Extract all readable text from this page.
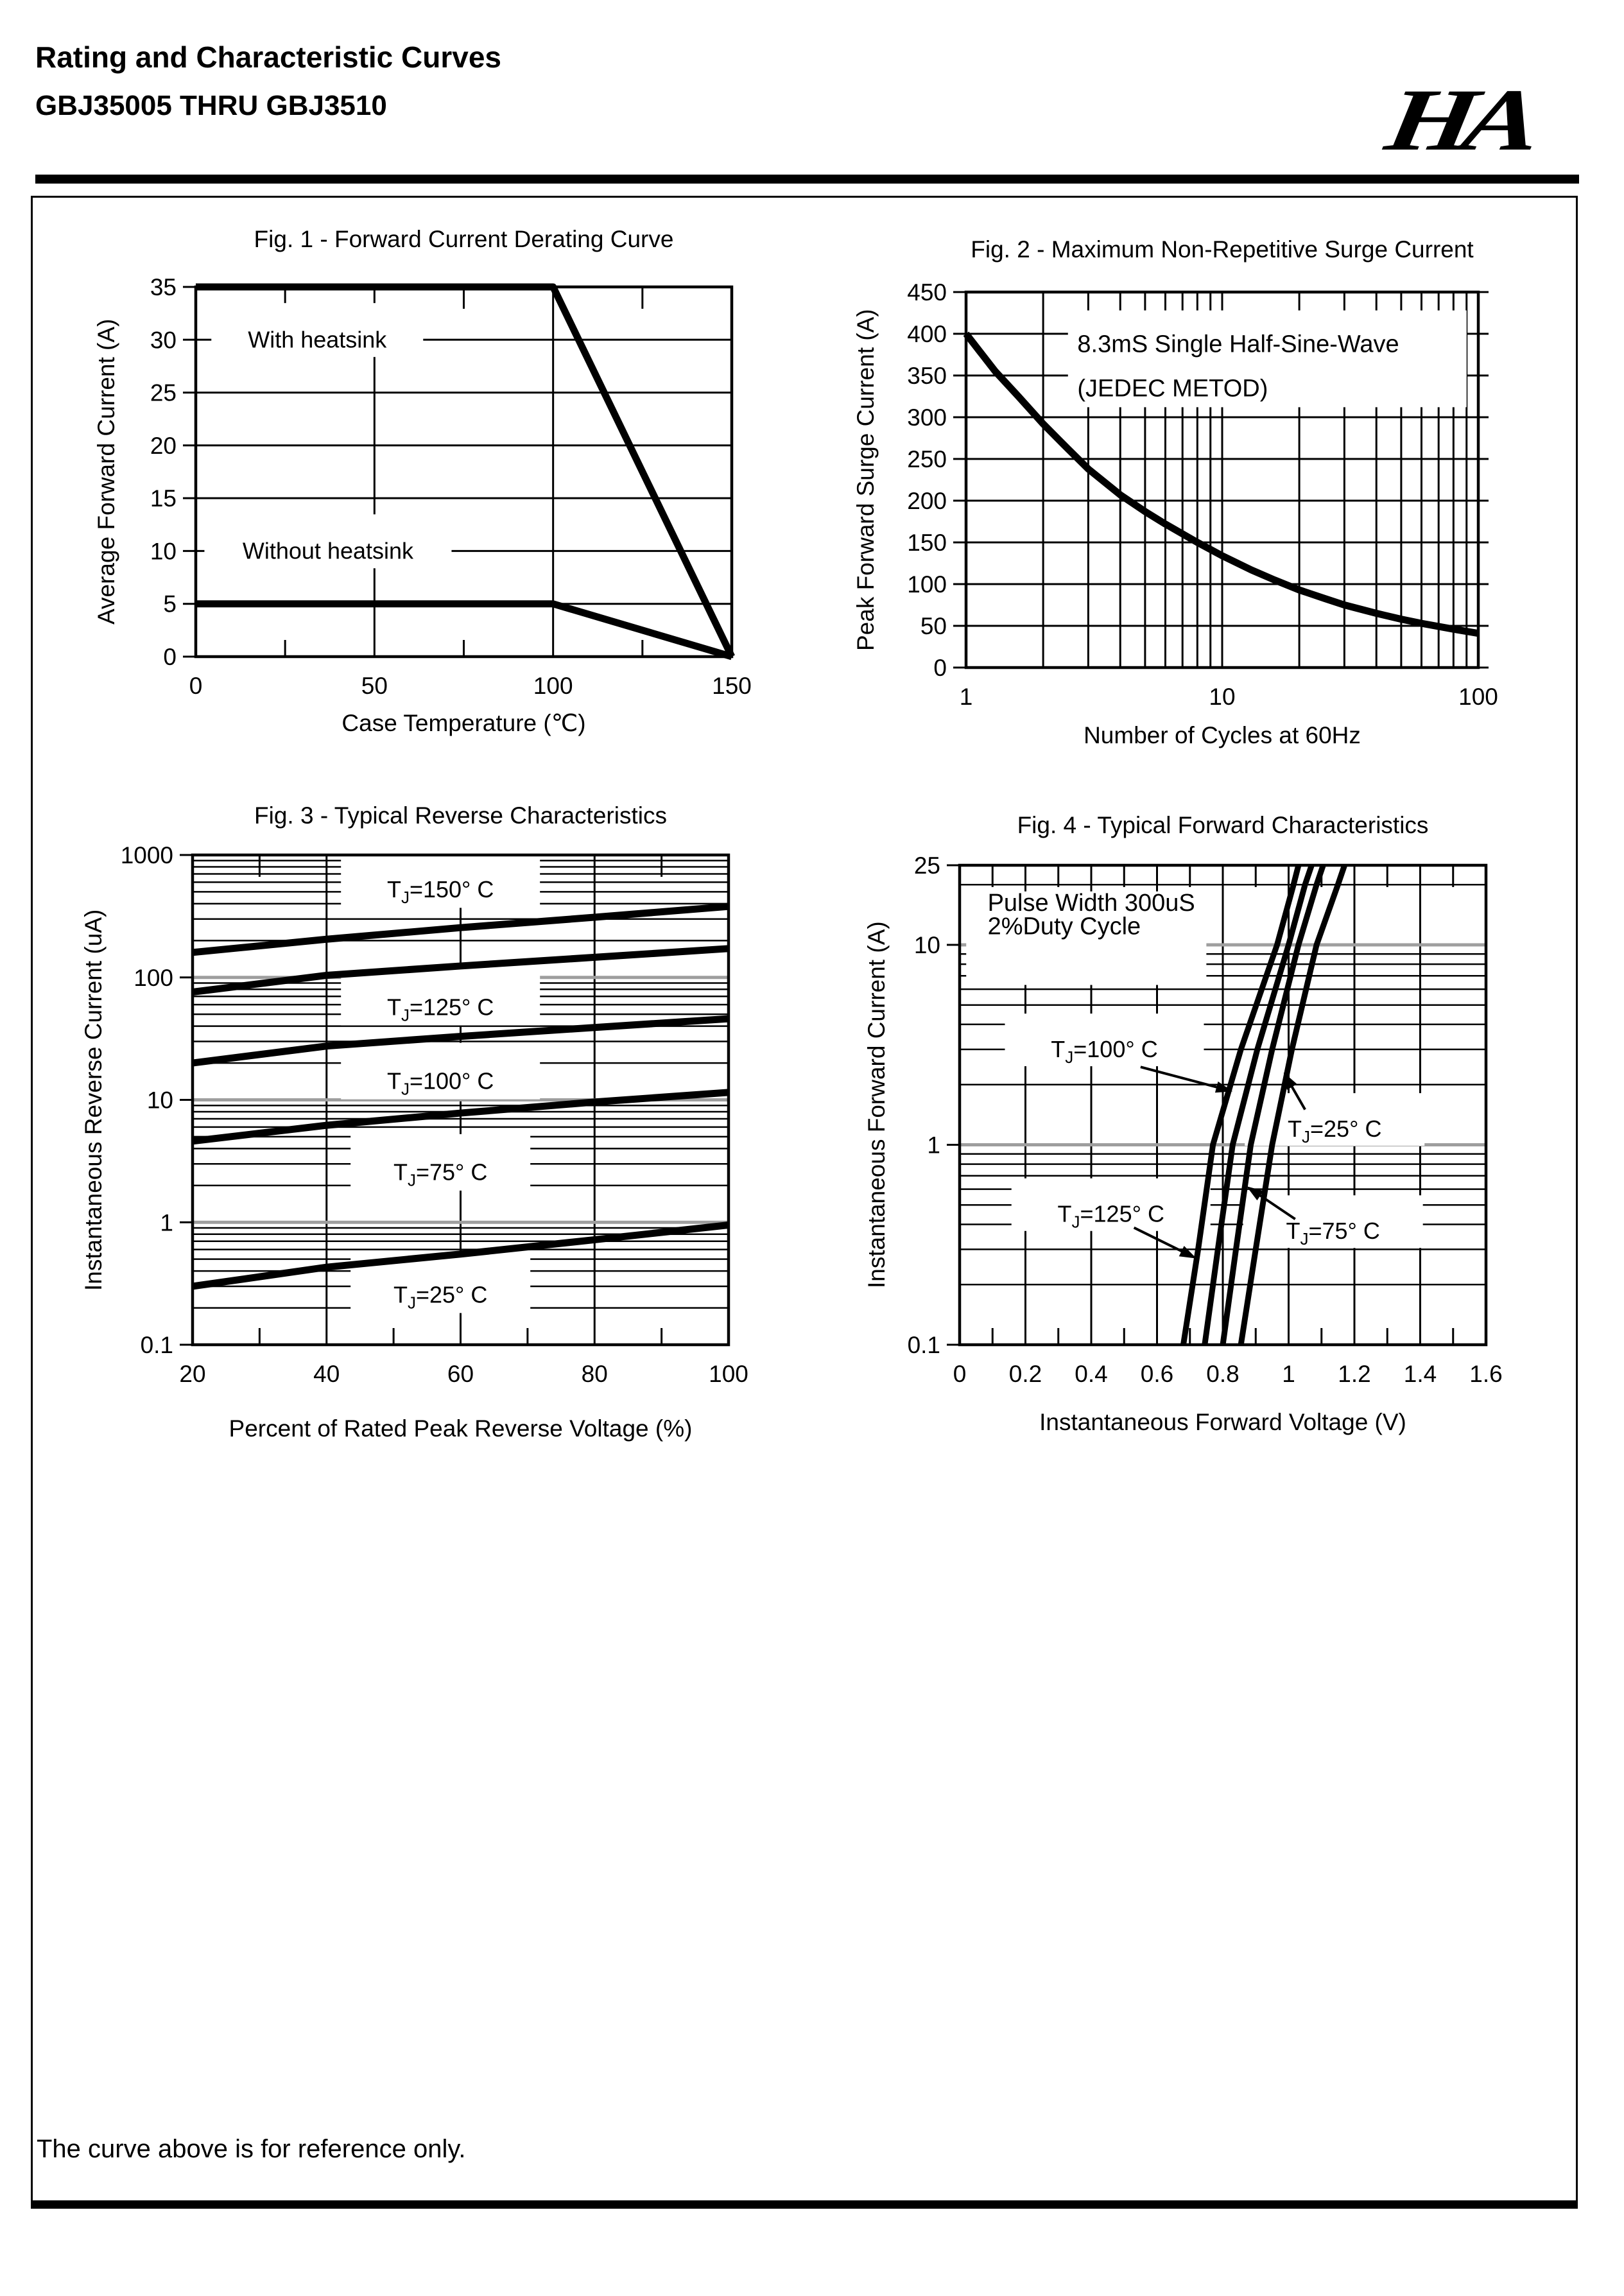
Rating and Characteristic Curves
GBJ35005 THRU GBJ3510	HA
Fig. 1 - Forward Current Derating Curve
Average Forward Current (A)	With heatsink
Without heatsink
0
5
10
15
20
25
30
35
0	50	100	150
Case Temperature (℃)
Fig. 2 - Maximum Non-Repetitive Surge Current
Peak Forward Surge Current (A)	8.3mS Single Half-Sine-Wave
(JEDEC METOD)
0
50
100
150
200
250
300
350
400
450
1	10	100
Number of Cycles at 60Hz
Fig. 3 - Typical Reverse Characteristics
Instantaneous Reverse Current (uA)
$T_J=150^\circ$ C
$T_J=125^\circ$ C
$T_J=100^\circ$ C
$T_J=75^\circ$ C
$T_J=25^\circ$ C
1000
100
10
1
0.1
20	40	60	80	100
Percent of Rated Peak Reverse Voltage (%)
Fig. 4 - Typical Forward Characteristics
Instantaneous Forward Current (A)
Pulse Width 300uS
2%Duty Cycle
$T_J=100^\circ$ C
$T_J=25^\circ$ C
$T_J=125^\circ$ C
$T_J=75^\circ$ C
25
10
1
0.1
0 0.2 0.4 0.6 0.8 1 1.2 1.4 1.6
Instantaneous Forward Voltage (V)
The curve above is for reference only.
